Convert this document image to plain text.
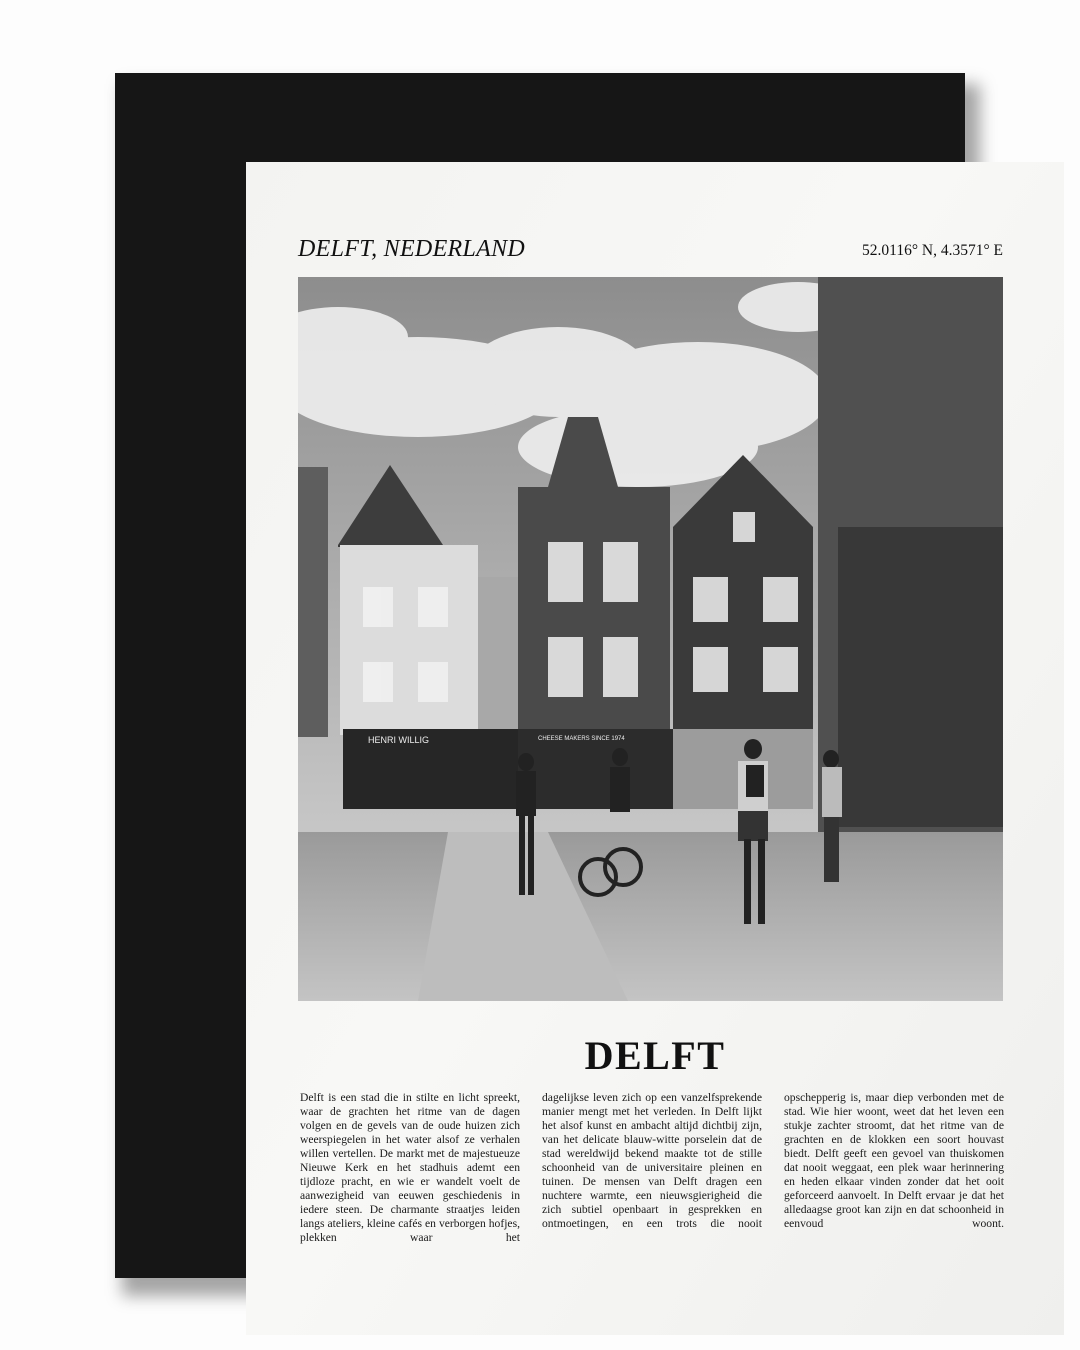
DELFT, NEDERLAND	52.0116° N, 4.3571° E
HENRI WILLIG	CHEESE MAKERS SINCE 1974
DELFT
Delft is een stad die in stilte en licht spreekt, waar de grachten het ritme van de dagen volgen en de gevels van de oude huizen zich weerspiegelen in het water alsof ze verhalen willen vertellen. De markt met de majestueuze Nieuwe Kerk en het stadhuis ademt een tijdloze pracht, en wie er wandelt voelt de aanwezigheid van eeuwen geschiedenis in iedere steen. De charmante straatjes leiden langs ateliers, kleine cafés en verborgen hofjes, plekken waar het
dagelijkse leven zich op een vanzelfsprekende manier mengt met het verleden. In Delft lijkt het alsof kunst en ambacht altijd dichtbij zijn, van het delicate blauw-witte porselein dat de stad wereldwijd bekend maakte tot de stille schoonheid van de universitaire pleinen en tuinen. De mensen van Delft dragen een nuchtere warmte, een nieuwsgierigheid die zich subtiel openbaart in gesprekken en ontmoetingen, en een trots die nooit
opschepperig is, maar diep verbonden met de stad. Wie hier woont, weet dat het leven een stukje zachter stroomt, dat het ritme van de grachten en de klokken een soort houvast biedt. Delft geeft een gevoel van thuiskomen dat nooit weggaat, een plek waar herinnering en heden elkaar vinden zonder dat het ooit geforceerd aanvoelt. In Delft ervaar je dat het alledaagse groot kan zijn en dat schoonheid in eenvoud woont.
